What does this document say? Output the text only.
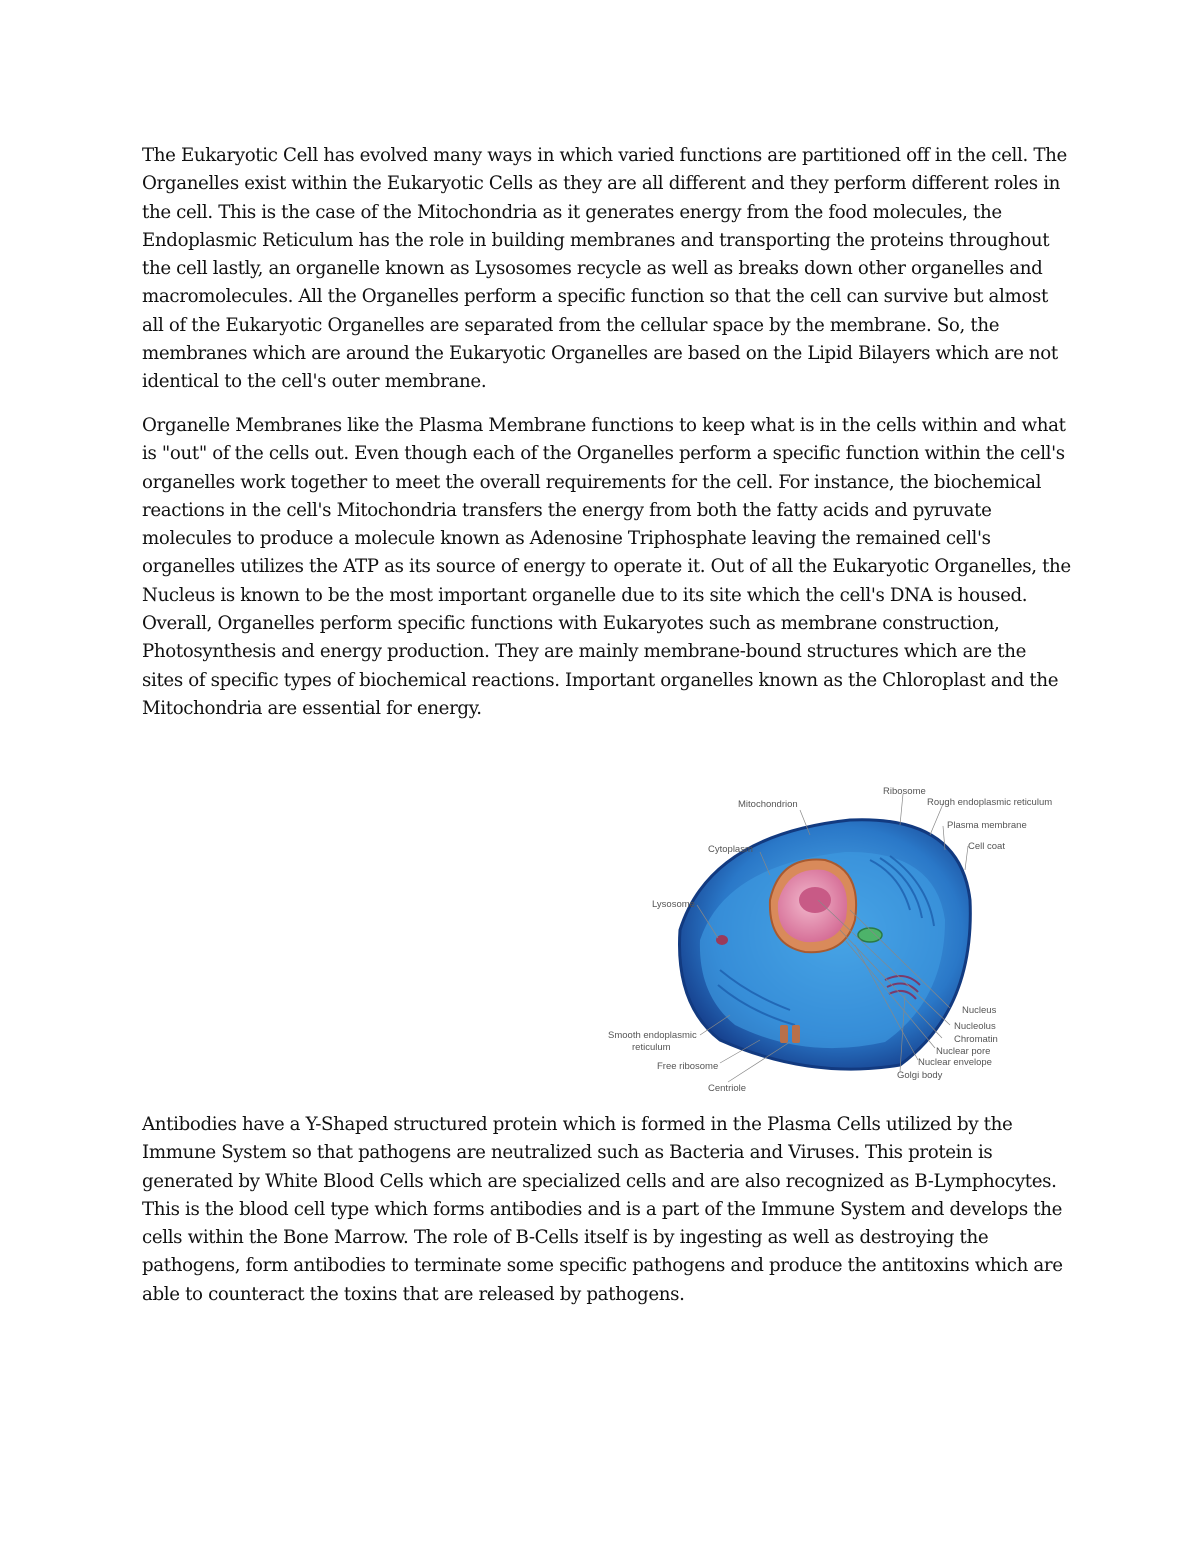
The Eukaryotic Cell has evolved many ways in which varied functions are partitioned off in the cell. The Organelles exist within the Eukaryotic Cells as they are all different and they perform different roles in the cell. This is the case of the Mitochondria as it generates energy from the food molecules, the Endoplasmic Reticulum has the role in building membranes and transporting the proteins throughout the cell lastly, an organelle known as Lysosomes recycle as well as breaks down other organelles and macromolecules. All the Organelles perform a specific function so that the cell can survive but almost all of the Eukaryotic Organelles are separated from the cellular space by the membrane. So, the membranes which are around the Eukaryotic Organelles are based on the Lipid Bilayers which are not identical to the cell's outer membrane.

Organelle Membranes like the Plasma Membrane functions to keep what is in the cells within and what is "out" of the cells out. Even though each of the Organelles perform a specific function within the cell's organelles work together to meet the overall requirements for the cell. For instance, the biochemical reactions in the cell's Mitochondria transfers the energy from both the fatty acids and pyruvate molecules to produce a molecule known as Adenosine Triphosphate leaving the remained cell's organelles utilizes the ATP as its source of energy to operate it. Out of all the Eukaryotic Organelles, the Nucleus is known to be the most important organelle due to its site which the cell's DNA is housed. Overall, Organelles perform specific functions with Eukaryotes such as membrane construction, Photosynthesis and energy production. They are mainly membrane-bound structures which are the sites of specific types of biochemical reactions. Important organelles known as the Chloroplast and the Mitochondria are essential for energy.

Ribosome
Mitochondrion	Rough endoplasmic reticulum
Plasma membrane
Cell coat
Cytoplasm
Lysosome
Nucleus
Nucleolus
Chromatin
Nuclear pore
Nuclear envelope
Golgi body
Smooth endoplasmic
reticulum
Free ribosome
Centriole

Antibodies have a Y-Shaped structured protein which is formed in the Plasma Cells utilized by the Immune System so that pathogens are neutralized such as Bacteria and Viruses. This protein is generated by White Blood Cells which are specialized cells and are also recognized as B-Lymphocytes. This is the blood cell type which forms antibodies and is a part of the Immune System and develops the cells within the Bone Marrow. The role of B-Cells itself is by ingesting as well as destroying the pathogens, form antibodies to terminate some specific pathogens and produce the antitoxins which are able to counteract the toxins that are released by pathogens.
